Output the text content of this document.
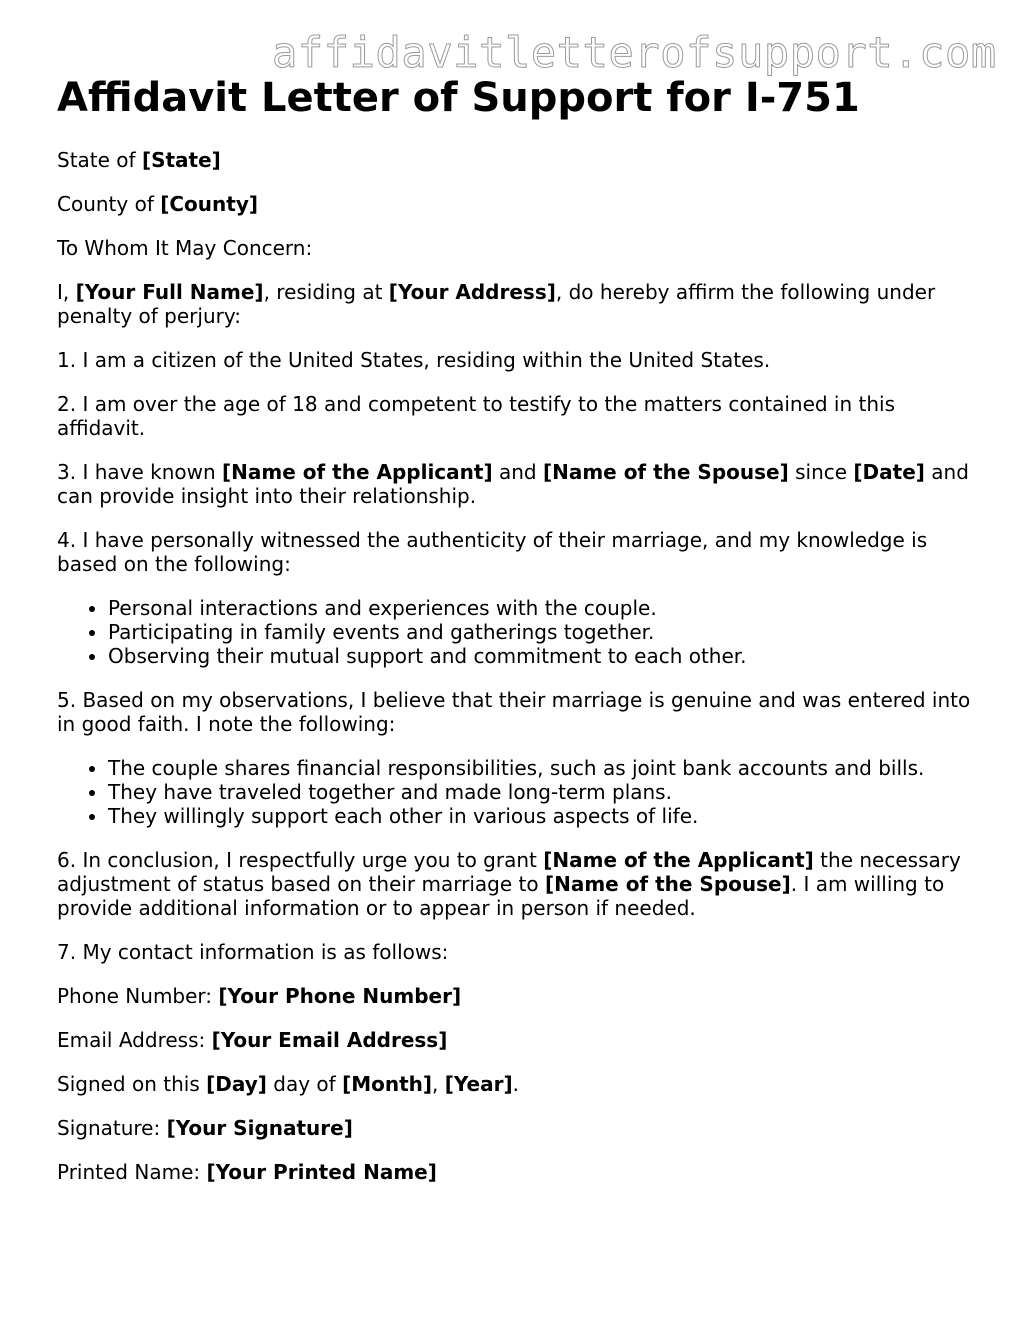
affidavitletterofsupport.com
Affidavit Letter of Support for I-751

State of [State]

County of [County]

To Whom It May Concern:

I, [Your Full Name], residing at [Your Address], do hereby affirm the following under penalty of perjury:

1. I am a citizen of the United States, residing within the United States.

2. I am over the age of 18 and competent to testify to the matters contained in this affidavit.

3. I have known [Name of the Applicant] and [Name of the Spouse] since [Date] and can provide insight into their relationship.

4. I have personally witnessed the authenticity of their marriage, and my knowledge is based on the following:

• Personal interactions and experiences with the couple.
• Participating in family events and gatherings together.
• Observing their mutual support and commitment to each other.

5. Based on my observations, I believe that their marriage is genuine and was entered into in good faith. I note the following:

• The couple shares financial responsibilities, such as joint bank accounts and bills.
• They have traveled together and made long-term plans.
• They willingly support each other in various aspects of life.

6. In conclusion, I respectfully urge you to grant [Name of the Applicant] the necessary adjustment of status based on their marriage to [Name of the Spouse]. I am willing to provide additional information or to appear in person if needed.

7. My contact information is as follows:

Phone Number: [Your Phone Number]

Email Address: [Your Email Address]

Signed on this [Day] day of [Month], [Year].

Signature: [Your Signature]

Printed Name: [Your Printed Name]
